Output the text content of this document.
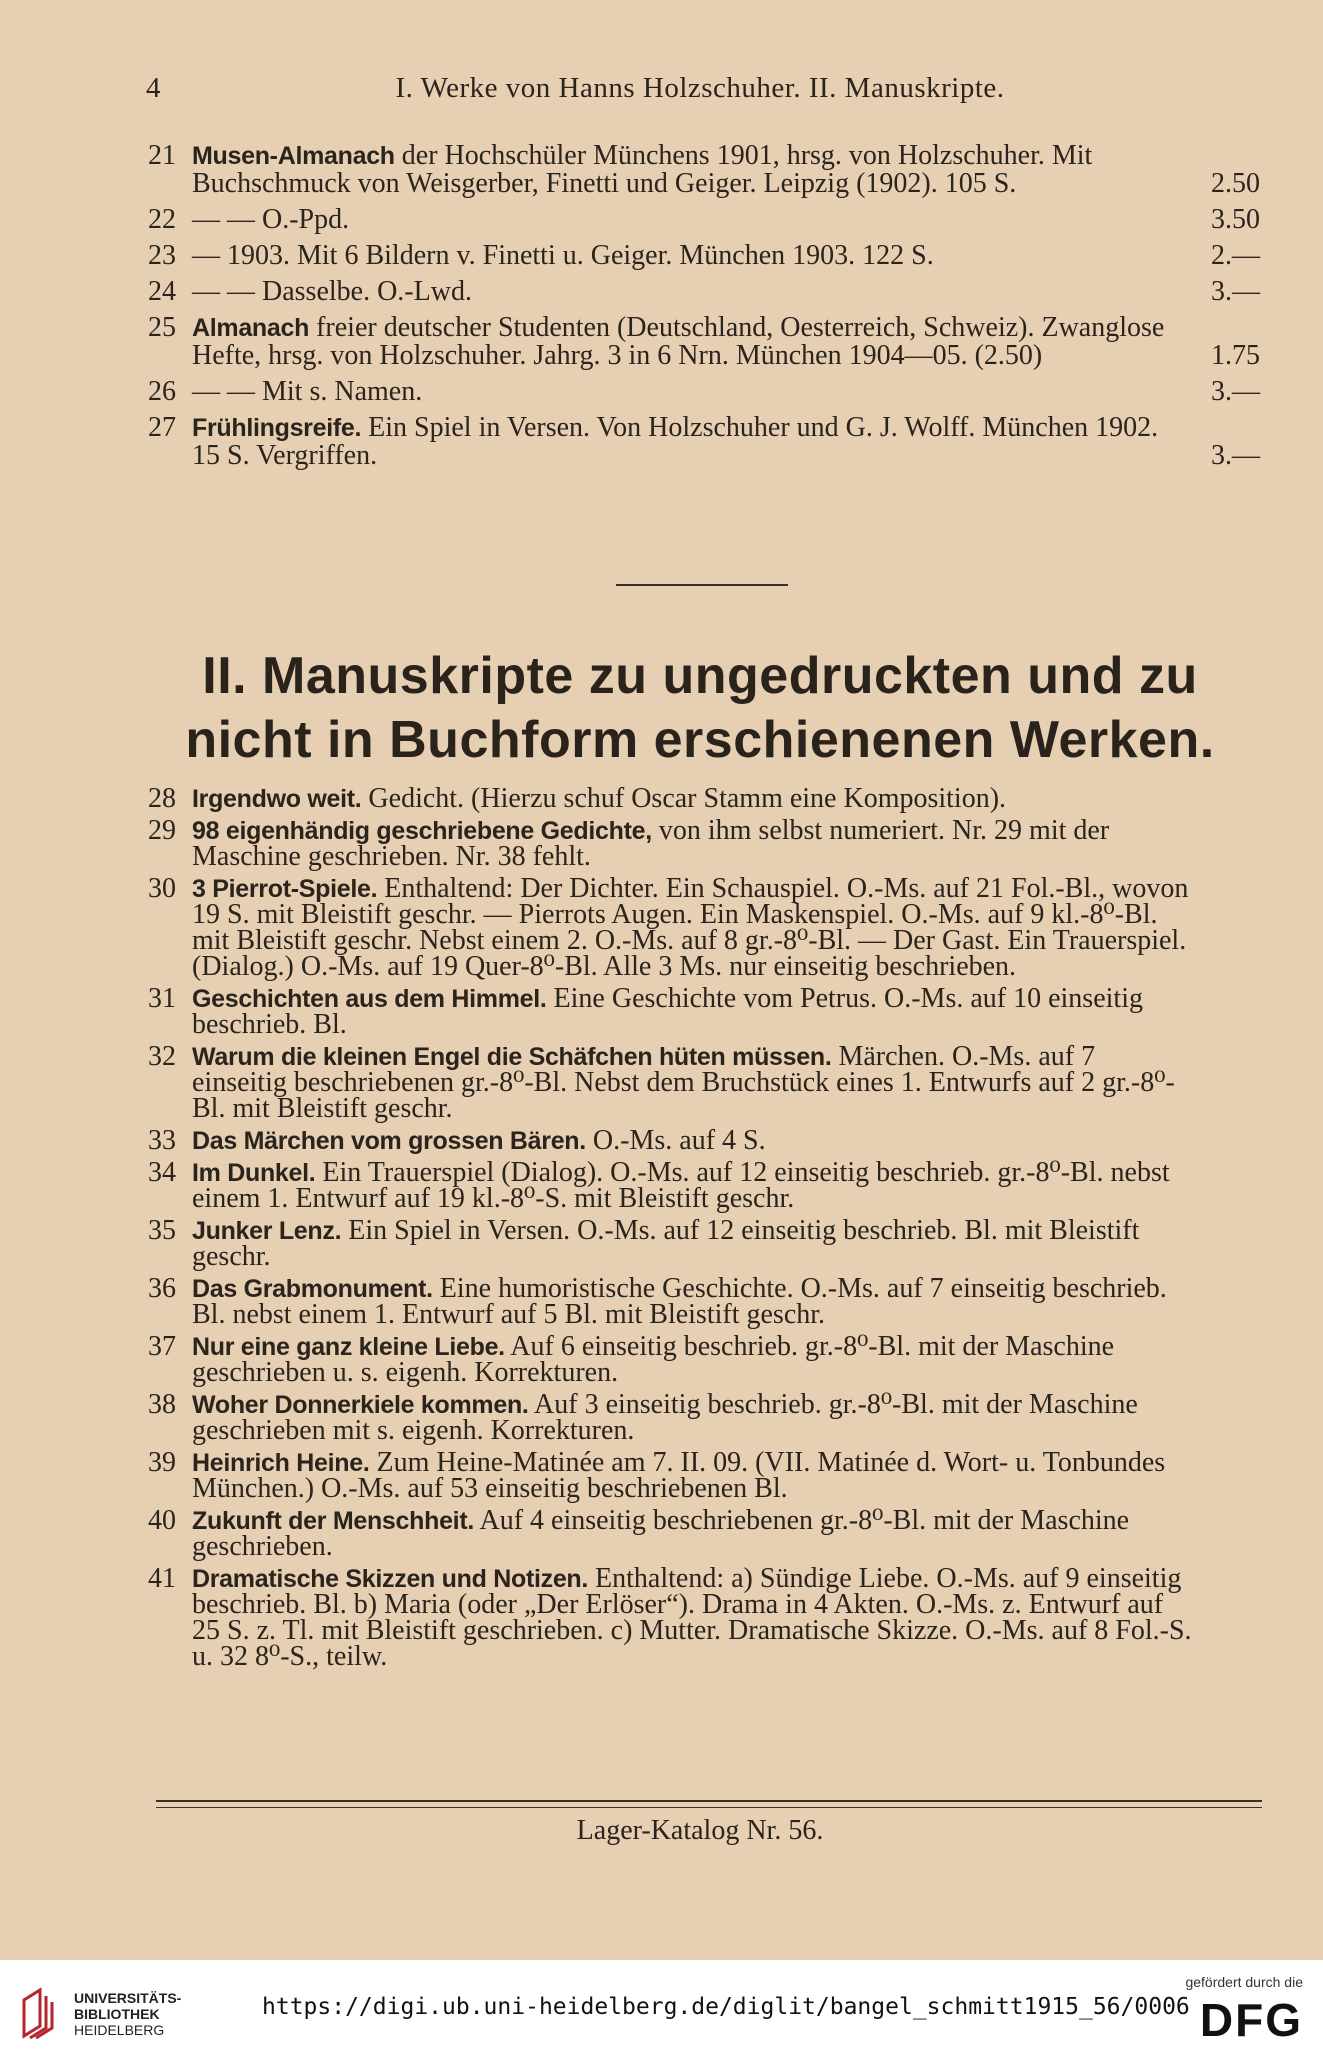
4	I. Werke von Hanns Holzschuher. II. Manuskripte.
21 Musen-Almanach der Hochschüler Münchens 1901, hrsg. von Holzschuher. Mit Buchschmuck von Weisgerber, Finetti und Geiger. Leipzig (1902). 105 S.	2.50
22 — — O.-Ppd.	3.50
23 — 1903. Mit 6 Bildern v. Finetti u. Geiger. München 1903. 122 S.	2.—
24 — — Dasselbe. O.-Lwd.	3.—
25 Almanach freier deutscher Studenten (Deutschland, Oesterreich, Schweiz). Zwanglose Hefte, hrsg. von Holzschuher. Jahrg. 3 in 6 Nrn. München 1904—05. (2.50)	1.75
26 — — Mit s. Namen.	3.—
27 Frühlingsreife. Ein Spiel in Versen. Von Holzschuher und G. J. Wolff. München 1902. 15 S. Vergriffen.	3.—
II. Manuskripte zu ungedruckten und zu nicht in Buchform erschienenen Werken.
28 Irgendwo weit. Gedicht. (Hierzu schuf Oscar Stamm eine Komposition).
29 98 eigenhändig geschriebene Gedichte, von ihm selbst numeriert. Nr. 29 mit der Maschine geschrieben. Nr. 38 fehlt.
30 3 Pierrot-Spiele. Enthaltend: Der Dichter. Ein Schauspiel. O.-Ms. auf 21 Fol.-Bl., wovon 19 S. mit Bleistift geschr. — Pierrots Augen. Ein Maskenspiel. O.-Ms. auf 9 kl.-8⁰-Bl. mit Bleistift geschr. Nebst einem 2. O.-Ms. auf 8 gr.-8⁰-Bl. — Der Gast. Ein Trauerspiel. (Dialog.) O.-Ms. auf 19 Quer-8⁰-Bl. Alle 3 Ms. nur einseitig beschrieben.
31 Geschichten aus dem Himmel. Eine Geschichte vom Petrus. O.-Ms. auf 10 einseitig beschrieb. Bl.
32 Warum die kleinen Engel die Schäfchen hüten müssen. Märchen. O.-Ms. auf 7 einseitig beschriebenen gr.-8⁰-Bl. Nebst dem Bruchstück eines 1. Entwurfs auf 2 gr.-8⁰-Bl. mit Bleistift geschr.
33 Das Märchen vom grossen Bären. O.-Ms. auf 4 S.
34 Im Dunkel. Ein Trauerspiel (Dialog). O.-Ms. auf 12 einseitig beschrieb. gr.-8⁰-Bl. nebst einem 1. Entwurf auf 19 kl.-8⁰-S. mit Bleistift geschr.
35 Junker Lenz. Ein Spiel in Versen. O.-Ms. auf 12 einseitig beschrieb. Bl. mit Bleistift geschr.
36 Das Grabmonument. Eine humoristische Geschichte. O.-Ms. auf 7 einseitig beschrieb. Bl. nebst einem 1. Entwurf auf 5 Bl. mit Bleistift geschr.
37 Nur eine ganz kleine Liebe. Auf 6 einseitig beschrieb. gr.-8⁰-Bl. mit der Maschine geschrieben u. s. eigenh. Korrekturen.
38 Woher Donnerkiele kommen. Auf 3 einseitig beschrieb. gr.-8⁰-Bl. mit der Maschine geschrieben mit s. eigenh. Korrekturen.
39 Heinrich Heine. Zum Heine-Matinée am 7. II. 09. (VII. Matinée d. Wort- u. Tonbundes München.) O.-Ms. auf 53 einseitig beschriebenen Bl.
40 Zukunft der Menschheit. Auf 4 einseitig beschriebenen gr.-8⁰-Bl. mit der Maschine geschrieben.
41 Dramatische Skizzen und Notizen. Enthaltend: a) Sündige Liebe. O.-Ms. auf 9 einseitig beschrieb. Bl. b) Maria (oder „Der Erlöser“). Drama in 4 Akten. O.-Ms. z. Entwurf auf 25 S. z. Tl. mit Bleistift geschrieben. c) Mutter. Dramatische Skizze. O.-Ms. auf 8 Fol.-S. u. 32 8⁰-S., teilw.
Lager-Katalog Nr. 56.
UNIVERSITÄTS-
BIBLIOTHEK
HEIDELBERG
https://digi.ub.uni-heidelberg.de/diglit/bangel_schmitt1915_56/0006
gefördert durch die
DFG
